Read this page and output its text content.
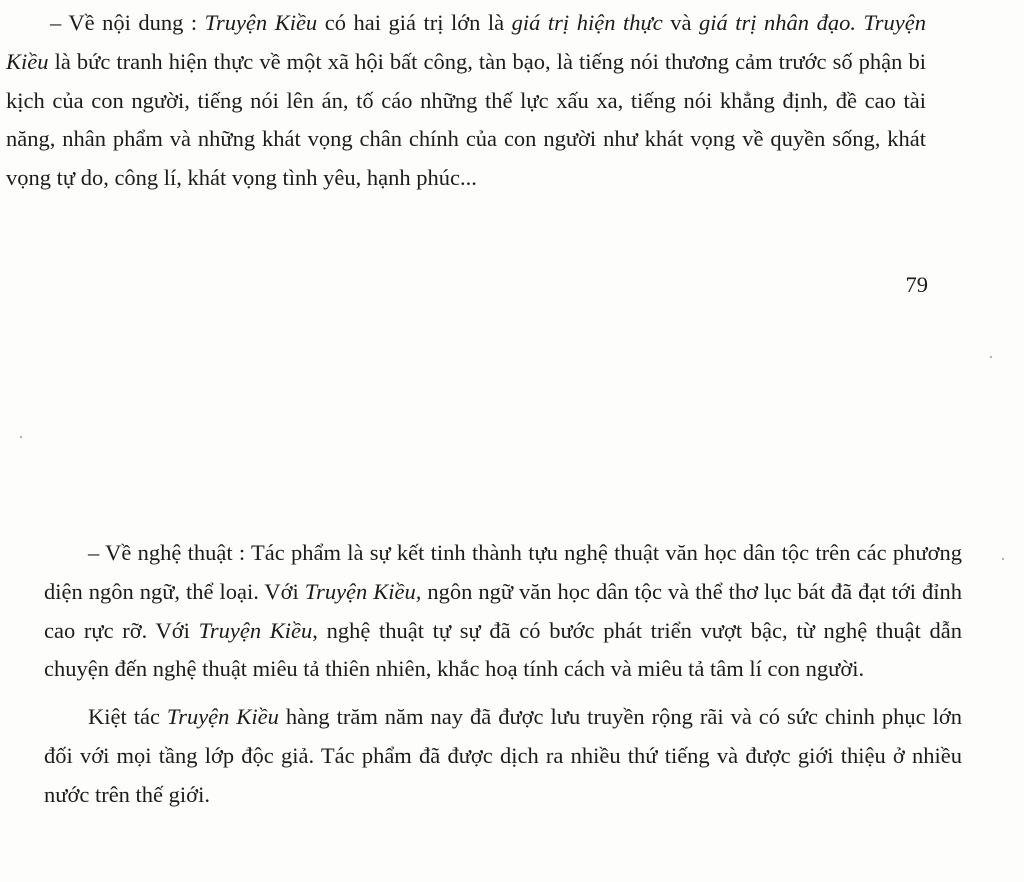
– Về nội dung : Truyện Kiều có hai giá trị lớn là giá trị hiện thực và giá trị nhân đạo. Truyện Kiều là bức tranh hiện thực về một xã hội bất công, tàn bạo, là tiếng nói thương cảm trước số phận bi kịch của con người, tiếng nói lên án, tố cáo những thế lực xấu xa, tiếng nói khẳng định, đề cao tài năng, nhân phẩm và những khát vọng chân chính của con người như khát vọng về quyền sống, khát vọng tự do, công lí, khát vọng tình yêu, hạnh phúc...

79

– Về nghệ thuật : Tác phẩm là sự kết tinh thành tựu nghệ thuật văn học dân tộc trên các phương diện ngôn ngữ, thể loại. Với Truyện Kiều, ngôn ngữ văn học dân tộc và thể thơ lục bát đã đạt tới đỉnh cao rực rỡ. Với Truyện Kiều, nghệ thuật tự sự đã có bước phát triển vượt bậc, từ nghệ thuật dẫn chuyện đến nghệ thuật miêu tả thiên nhiên, khắc hoạ tính cách và miêu tả tâm lí con người.

Kiệt tác Truyện Kiều hàng trăm năm nay đã được lưu truyền rộng rãi và có sức chinh phục lớn đối với mọi tầng lớp độc giả. Tác phẩm đã được dịch ra nhiều thứ tiếng và được giới thiệu ở nhiều nước trên thế giới.
